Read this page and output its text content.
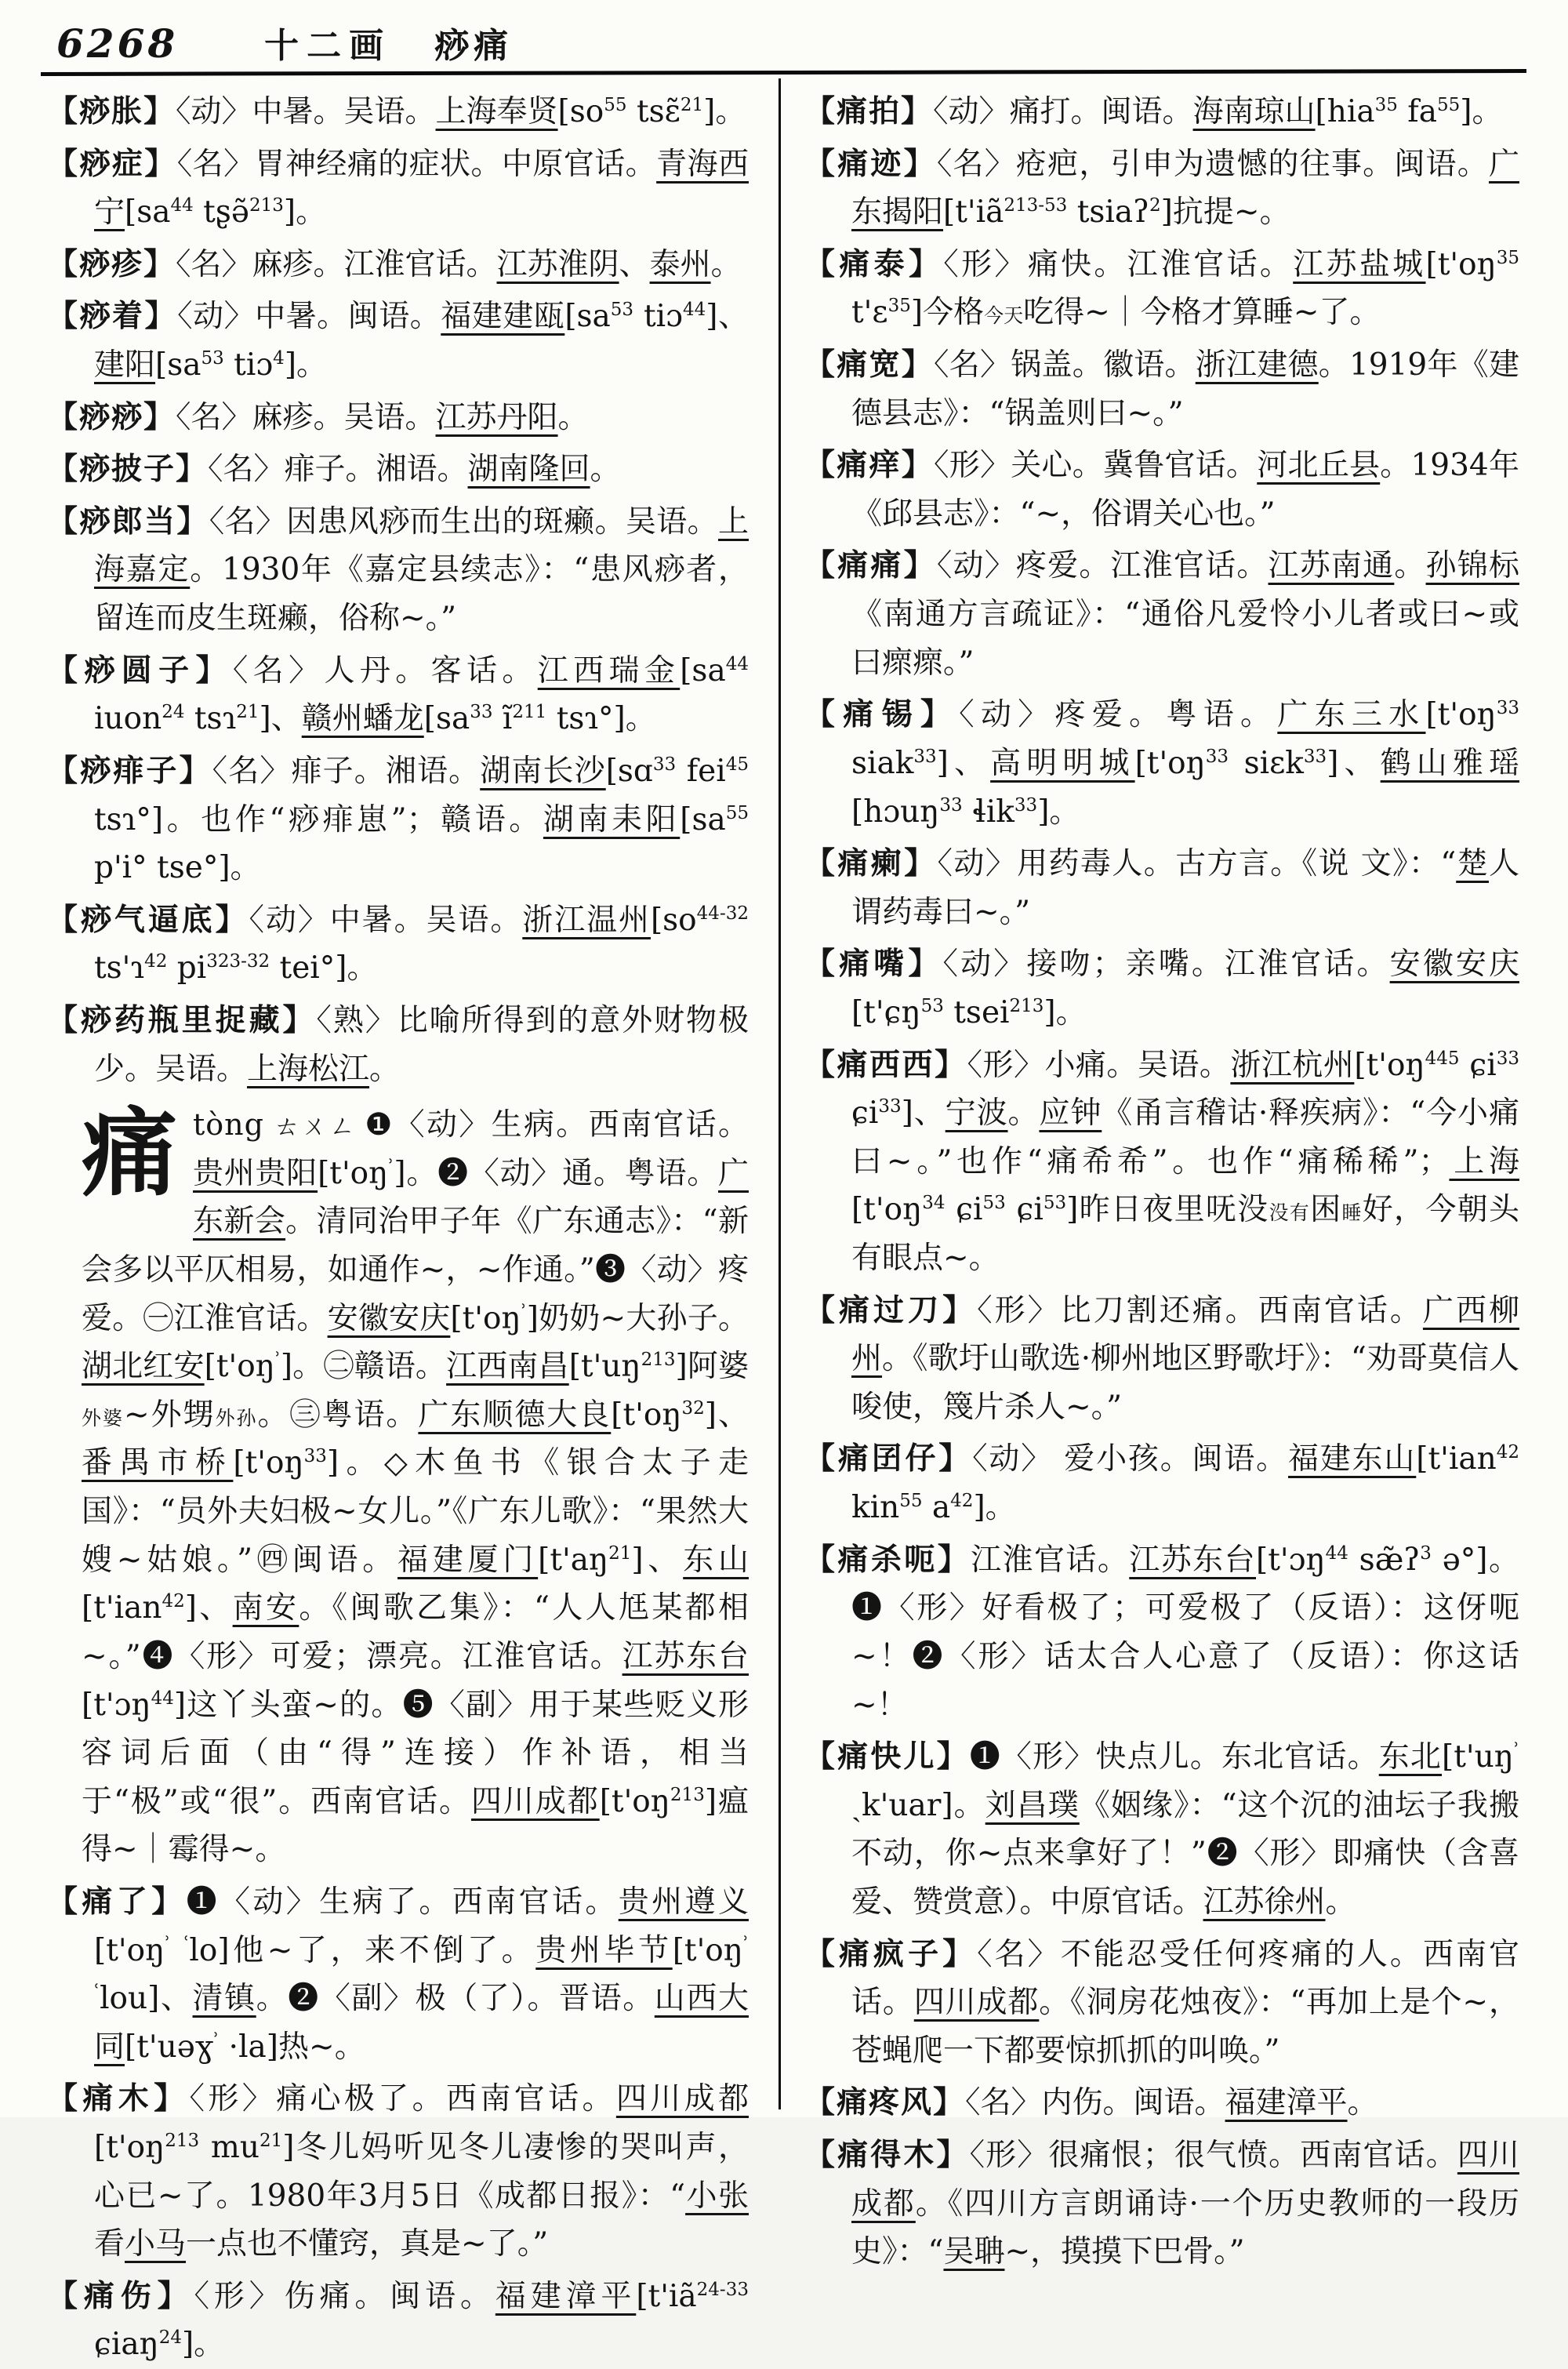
6268	十二画 痧痛

【痧胀】〈动〉中暑。吴语。上海奉贤[$so^{55}$ tsɛ̃$^{21}$]。

【痧症】〈名〉胃神经痛的症状。中原官话。青海西宁[$sa^{44}$ tʂə̃$^{213}$]。

【痧疹】〈名〉麻疹。江淮官话。江苏淮阴、泰州。

【痧着】〈动〉中暑。闽语。福建建瓯[$sa^{53}$ tiɔ$^{44}$]、建阳[$sa^{53}$ tiɔ$^4$]。

【痧痧】〈名〉麻疹。吴语。江苏丹阳。

【痧披子】〈名〉痱子。湘语。湖南隆回。

【痧郎当】〈名〉因患风痧而生出的斑癞。吴语。上海嘉定。1930年《嘉定县续志》：“患风痧者，留连而皮生斑癞，俗称~。”

【痧圆子】〈名〉人丹。客话。江西瑞金[$sa^{44}$ iuon$^{24}$ tsɿ$^{21}$]、赣州蟠龙[$sa^{33}$ $ĩ^{211}$ tsɿ°]。

【痧痱子】〈名〉痱子。湘语。湖南长沙[sɑ$^{33}$ fei$^{45}$ tsɿ°]。也作“痧痱崽”；赣语。湖南耒阳[$sa^{55}$ p'i° tse°]。

【痧气逼底】〈动〉中暑。吴语。浙江温州[$so^{44-32}$ ts'ɿ$^{42}$ $pi^{323-32}$ tei°]。

【痧药瓶里捉藏】〈熟〉比喻所得到的意外财物极少。吴语。上海松江。

痛tòng ㄊㄨㄥ ❶〈动〉生病。西南官话。贵州贵阳$[t'oŋ^ʾ]$。❷〈动〉通。粤语。广东新会。清同治甲子年《广东通志》：“新会多以平仄相易，如通作~，~作通。”❸〈动〉疼爱。㊀江淮官话。安徽安庆$[t'oŋ^ʾ]$奶奶~大孙子。湖北红安$[t'oŋ^ʾ]$。㊁赣语。江西南昌$[t'uŋ^{213}]$阿婆外婆~外甥外孙。㊂粤语。广东顺德大良$[t'oŋ^{32}]$、番禺市桥$[t'oŋ^{33}]$。◇木鱼书《银合太子走国》：“员外夫妇极~女儿。”《广东儿歌》：“果然大嫂~姑娘。”㊃闽语。福建厦门$[t'aŋ^{21}]$、东山[t'ian$^{42}$]、南安。《闽歌乙集》：“人人尪某都相~。”❹〈形〉可爱；漂亮。江淮官话。江苏东台[t'ɔŋ$^{44}$]这丫头蛮~的。❺〈副〉用于某些贬义形容词后面（由“得”连接）作补语，相当于“极”或“很”。西南官话。四川成都$[t'oŋ^{213}]$瘟得~｜霉得~。

【痛了】❶〈动〉生病了。西南官话。贵州遵义[$t'oŋ^ʾ$ $^ʿ$lo]他~了，来不倒了。贵州毕节[$t'oŋ^ʾ$ $^ʿ$lou]、清镇。❷〈副〉极（了）。晋语。山西大同[t'uəɣ$^ʾ$ ·la]热~。

【痛木】〈形〉痛心极了。西南官话。四川成都[$t'oŋ^{213}$ $mu^{21}$]冬儿妈听见冬儿凄惨的哭叫声，心已~了。1980年3月5日《成都日报》：“小张看小马一点也不懂窍，真是~了。”

【痛伤】〈形〉伤痛。闽语。福建漳平[$t'iã^{24-33}$ ɕiaŋ$^{24}$]。

【痛拍】〈动〉痛打。闽语。海南琼山[hia$^{35}$ $fa^{55}$]。

【痛迹】〈名〉疮疤，引申为遗憾的往事。闽语。广东揭阳[$t'iã^{213-53}$ tsiaʔ$^2$]抗提~。

【痛泰】〈形〉痛快。江淮官话。江苏盐城[$t'oŋ^{35}$ t'ɛ$^{35}$]今格今天吃得~｜今格才算睡~了。

【痛宽】〈名〉锅盖。徽语。浙江建德。1919年《建德县志》：“锅盖则曰~。”

【痛痒】〈形〉关心。冀鲁官话。河北丘县。1934年《邱县志》：“~，俗谓关心也。”

【痛痛】〈动〉疼爱。江淮官话。江苏南通。孙锦标《南通方言疏证》：“通俗凡爱怜小儿者或曰~或曰瘝瘝。”

【痛锡】〈动〉疼爱。粤语。广东三水[$t'oŋ^{33}$ siak$^{33}$]、高明明城[$t'oŋ^{33}$ siɛk$^{33}$]、鹤山雅瑶[hɔuŋ$^{33}$ ɬik$^{33}$]。

【痛瘌】〈动〉用药毒人。古方言。《说 文》：“楚人谓药毒曰~。”

【痛嘴】〈动〉接吻；亲嘴。江淮官话。安徽安庆[t'ɕŋ$^{53}$ tsei$^{213}$]。

【痛西西】〈形〉小痛。吴语。浙江杭州[$t'oŋ^{445}$ ɕi$^{33}$ ɕi$^{33}$]、宁波。应钟《甬言稽诂·释疾病》：“今小痛曰~。”也作“痛希希”。也作“痛稀稀”；上海[$t'oŋ^{34}$ ɕi$^{53}$ ɕi$^{53}$]昨日夜里呒没没有困睡好，今朝头有眼点~。

【痛过刀】〈形〉比刀割还痛。西南官话。广西柳州。《歌圩山歌选·柳州地区野歌圩》：“劝哥莫信人唆使，篾片杀人~。”

【痛囝仔】〈动〉 爱小孩。闽语。福建东山[t'ian$^{42}$ kin$^{55}$ $a^{42}$]。

【痛杀呃】江淮官话。江苏东台[t'ɔŋ$^{44}$ sæ̃ʔ$^3$ ə°]。❶〈形〉好看极了；可爱极了（反语）：这伢呃~！❷〈形〉话太合人心意了（反语）：你这话~！

【痛快儿】❶〈形〉快点儿。东北官话。东北[$t'uŋ^ʾ$ ˏk'uar]。刘昌璞《姻缘》：“这个沉的油坛子我搬不动，你~点来拿好了！”❷〈形〉即痛快（含喜爱、赞赏意）。中原官话。江苏徐州。

【痛疯子】〈名〉不能忍受任何疼痛的人。西南官话。四川成都。《洞房花烛夜》：“再加上是个~，苍蝇爬一下都要惊抓抓的叫唤。”

【痛疼风】〈名〉内伤。闽语。福建漳平。

【痛得木】〈形〉很痛恨；很气愤。西南官话。四川成都。《四川方言朗诵诗·一个历史教师的一段历史》：“吴聃~，摸摸下巴骨。”
